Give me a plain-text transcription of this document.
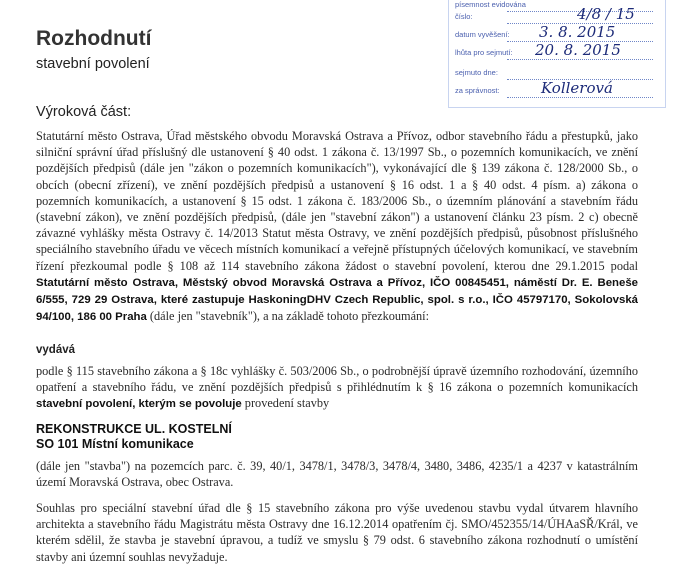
Rozhodnutí
stavební povolení
písemnost evidována
číslo:	4/8 / 15
datum vyvěšení: 3. 8. 2015
lhůta pro sejmutí: 20. 8. 2015
sejmuto dne:
za správnost:	Kollerová
Výroková část:
Statutární město Ostrava, Úřad městského obvodu Moravská Ostrava a Přívoz, odbor stavebního řádu a přestupků, jako silniční správní úřad příslušný dle ustanovení § 40 odst. 1 zákona č. 13/1997 Sb., o pozemních komunikacích, ve znění pozdějších předpisů (dále jen "zákon o pozemních komunikacích"), vykonávající dle § 139 zákona č. 128/2000 Sb., o obcích (obecní zřízení), ve znění pozdějších předpisů a ustanovení § 16 odst. 1 a § 40 odst. 4 písm. a) zákona o pozemních komunikacích, a ustanovení § 15 odst. 1 zákona č. 183/2006 Sb., o územním plánování a stavebním řádu (stavební zákon), ve znění pozdějších předpisů, (dále jen "stavební zákon") a ustanovení článku 23 písm. 2 c) obecně závazné vyhlášky města Ostravy č. 14/2013 Statut města Ostravy, ve znění pozdějších předpisů, působnost příslušného speciálního stavebního úřadu ve věcech místních komunikací a veřejně přístupných účelových komunikací, ve stavebním řízení přezkoumal podle § 108 až 114 stavebního zákona žádost o stavební povolení, kterou dne 29.1.2015 podal Statutární město Ostrava, Městský obvod Moravská Ostrava a Přívoz, IČO 00845451, náměstí Dr. E. Beneše 6/555, 729 29 Ostrava, které zastupuje HaskoningDHV Czech Republic, spol. s r.o., IČO 45797170, Sokolovská 94/100, 186 00 Praha (dále jen "stavebník"), a na základě tohoto přezkoumání:
vydává
podle § 115 stavebního zákona a § 18c vyhlášky č. 503/2006 Sb., o podrobnější úpravě územního rozhodování, územního opatření a stavebního řádu, ve znění pozdějších předpisů s přihlédnutím k § 16 zákona o pozemních komunikacích stavební povolení, kterým se povoluje provedení stavby
REKONSTRUKCE UL. KOSTELNÍ
SO 101 Místní komunikace
(dále jen "stavba") na pozemcích parc. č. 39, 40/1, 3478/1, 3478/3, 3478/4, 3480, 3486, 4235/1 a 4237 v katastrálním území Moravská Ostrava, obec Ostrava.
Souhlas pro speciální stavební úřad dle § 15 stavebního zákona pro výše uvedenou stavbu vydal útvarem hlavního architekta a stavebního řádu Magistrátu města Ostravy dne 16.12.2014 opatřením čj. SMO/452355/14/ÚHAaSŘ/Král, ve kterém sdělil, že stavba je stavební úpravou, a tudíž ve smyslu § 79 odst. 6 stavebního zákona rozhodnutí o umístění stavby ani územní souhlas nevyžaduje.
